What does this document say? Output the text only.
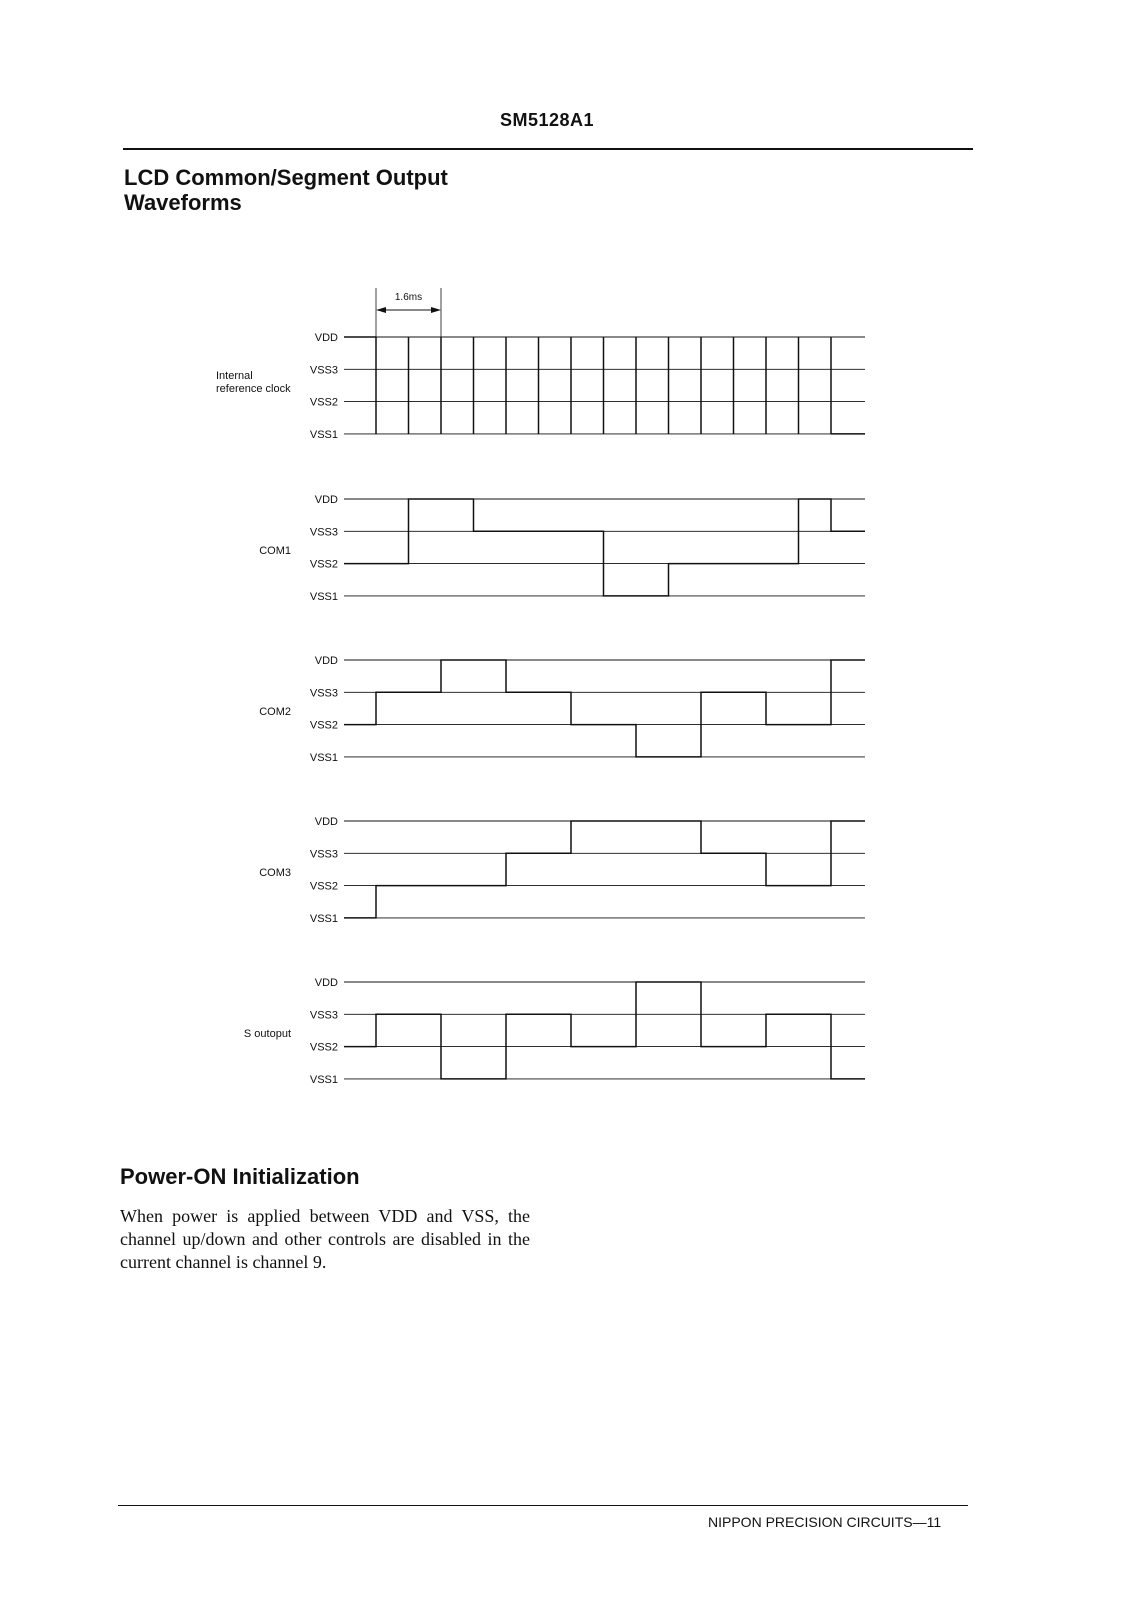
SM5128A1
LCD Common/Segment Output
Waveforms
VDD
VSS3
VSS2
VSS1
Internal reference clock
1.6ms
VDD
VSS3
VSS2
VSS1
COM1
VDD
VSS3
VSS2
VSS1
COM2
VDD
VSS3
VSS2
VSS1
COM3
VDD
VSS3
VSS2
VSS1
S outoput
Power-ON Initialization
When power is applied between VDD and VSS, the channel up/down and other controls are disabled in the current channel is channel 9.
NIPPON PRECISION CIRCUITS—11
